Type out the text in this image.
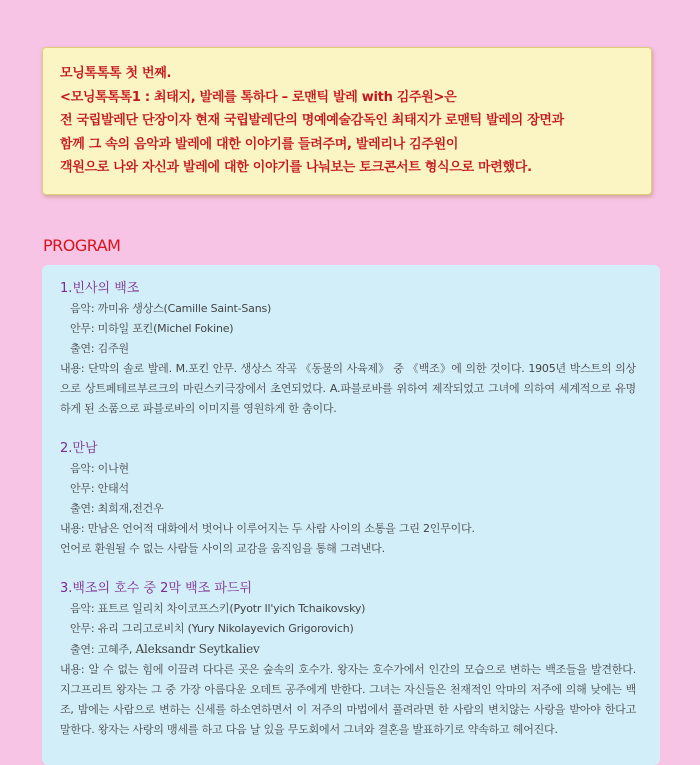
모닝톡톡톡 첫 번째.
<모닝톡톡톡1 : 최태지, 발레를 톡하다 – 로맨틱 발레 with 김주원>은
전 국립발레단 단장이자 현재 국립발레단의 명예예술감독인 최태지가 로맨틱 발레의 장면과
함께 그 속의 음악과 발레에 대한 이야기를 들려주며, 발레리나 김주원이
객원으로 나와 자신과 발레에 대한 이야기를 나눠보는 토크콘서트 형식으로 마련했다.
PROGRAM
1.빈사의 백조
음악: 까미유 생상스(Camille Saint-Sans)
안무: 미하일 포킨(Michel Fokine)
출연: 김주원
내용: 단막의 솔로 발레. M.포킨 안무. 생상스 작곡 《동물의 사육제》 중 《백조》에 의한 것이다. 1905년 박스트의 의상으로 상트페테르부르크의 마린스키극장에서 초연되었다. A.파블로바를 위하여 제작되었고 그녀에 의하여 세계적으로 유명하게 된 소품으로 파블로바의 이미지를 영원하게 한 춤이다.
2.만남
음악: 이나현
안무: 안태석
출연: 최희재,전건우
내용: 만남은 언어적 대화에서 벗어나 이루어지는 두 사람 사이의 소통을 그린 2인무이다.
언어로 환원될 수 없는 사람들 사이의 교감을 움직임을 통해 그려낸다.
3.백조의 호수 중 2막 백조 파드뒤
음악: 표트르 일리치 차이코프스키(Pyotr Il'yich Tchaikovsky)
안무: 유리 그리고로비치 (Yury Nikolayevich Grigorovich)
출연: 고혜주, Aleksandr Seytkaliev
내용: 알 수 없는 힘에 이끌려 다다른 곳은 숲속의 호수가. 왕자는 호수가에서 인간의 모습으로 변하는 백조들을 발견한다. 지그프리트 왕자는 그 중 가장 아름다운 오데트 공주에게 반한다. 그녀는 자신들은 천재적인 악마의 저주에 의해 낮에는 백조, 밤에는 사람으로 변하는 신세를 하소연하면서 이 저주의 마법에서 풀려라면 한 사람의 변치않는 사랑을 받아야 한다고 말한다. 왕자는 사랑의 맹세를 하고 다음 날 있을 무도회에서 그녀와 결혼을 발표하기로 약속하고 헤어진다.
